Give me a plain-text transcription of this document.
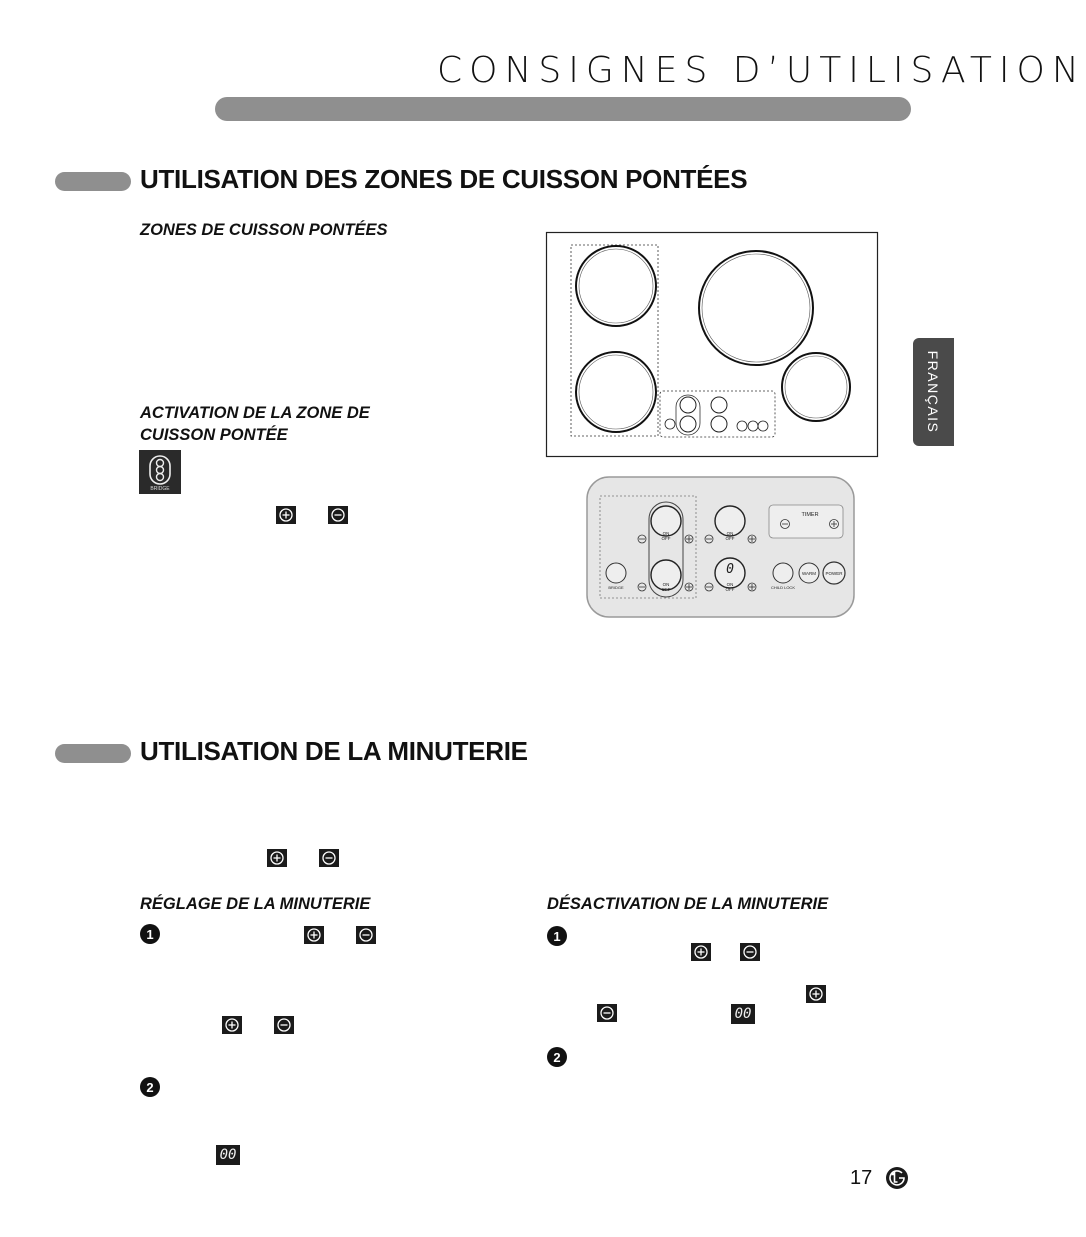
CONSIGNES D’UTILISATION
FRANÇAIS
UTILISATION DES ZONES DE CUISSON PONTÉES
ZONES DE CUISSON PONTÉES
ACTIVATION DE LA ZONE DE
CUISSON PONTÉE
BRIDGE
TIMER
ON
OFF
ON
OFF
ON
OFF
ON
OFF
0
BRIDGE	CHILD LOCK
WARM POWER
UTILISATION DE LA MINUTERIE
RÉGLAGE DE LA MINUTERIE	DÉSACTIVATION DE LA MINUTERIE
1
2
00
1
00
2
17
